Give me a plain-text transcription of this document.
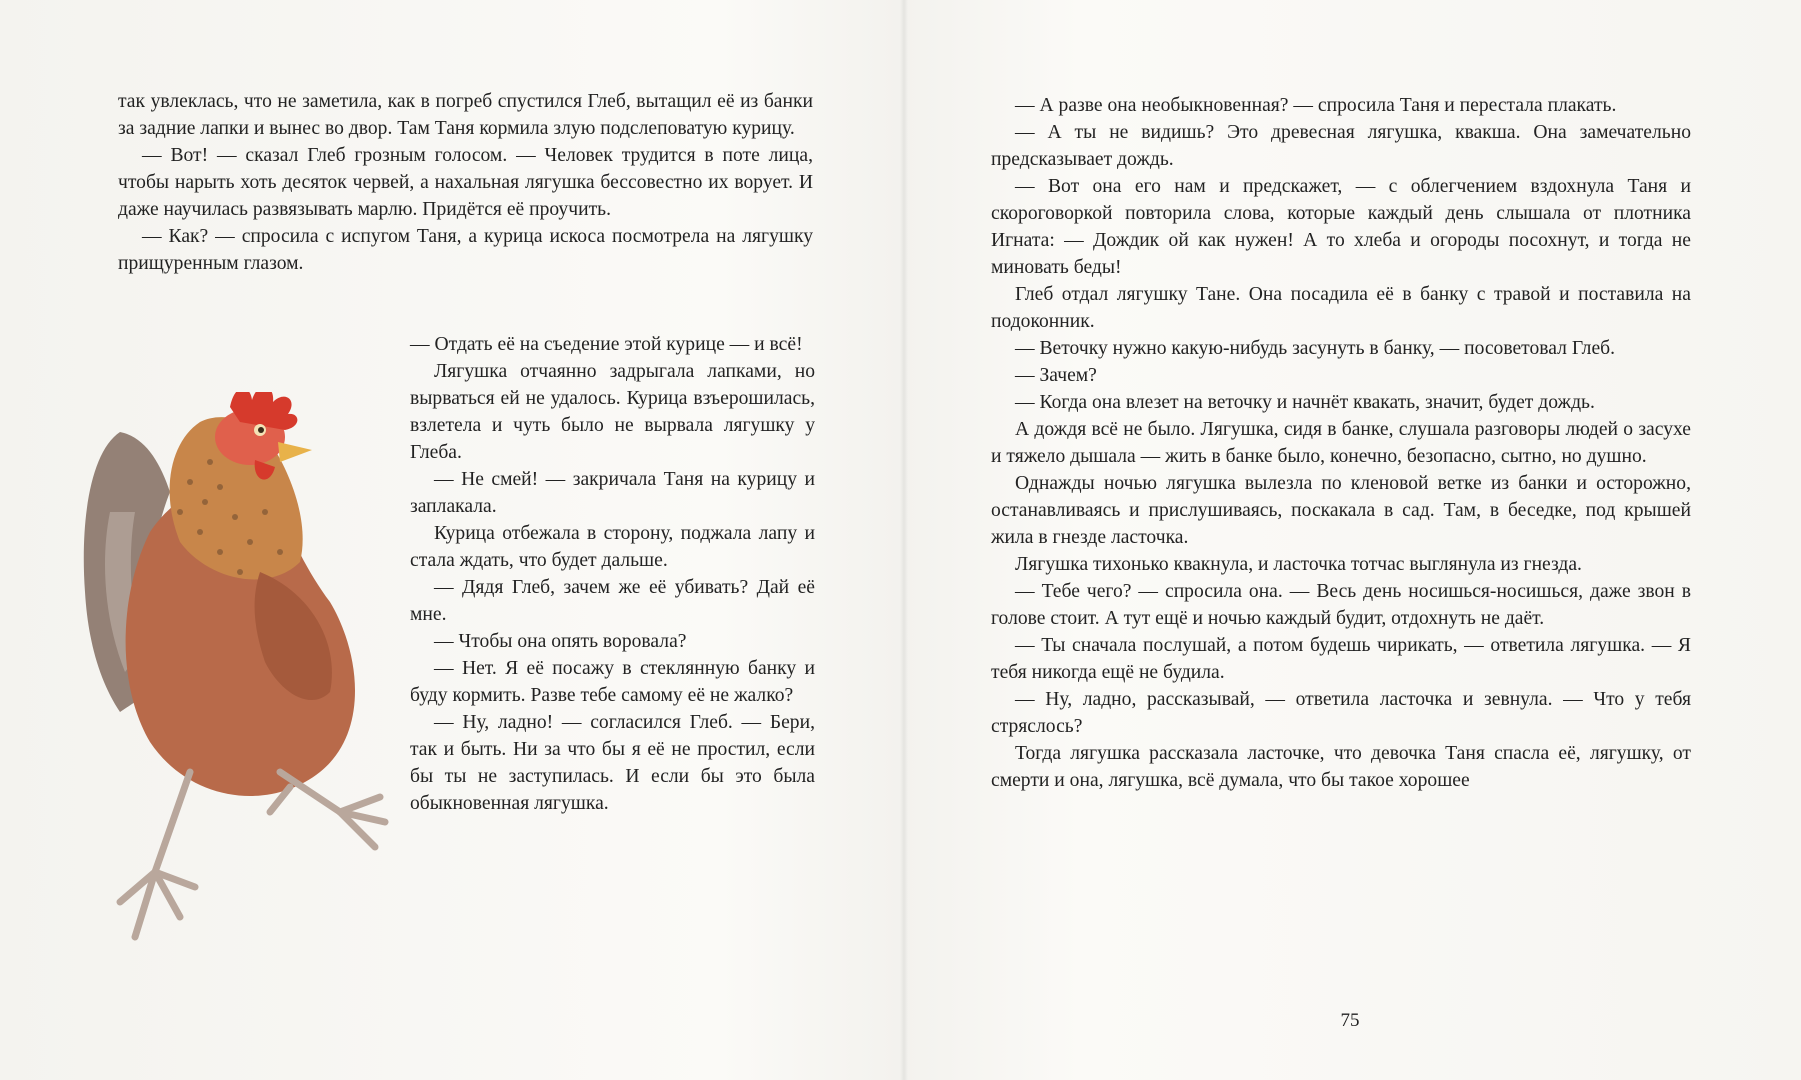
так увлеклась, что не заметила, как в погреб спустился Глеб, вытащил её из банки за задние лапки и вынес во двор. Там Таня кормила злую подслеповатую курицу.

— Вот! — сказал Глеб грозным голосом. — Человек трудится в поте лица, чтобы нарыть хоть десяток червей, а нахальная лягушка бессовестно их ворует. И даже научилась развязывать марлю. Придётся её проучить.

— Как? — спросила с испугом Таня, а курица искоса посмотрела на лягушку прищуренным глазом.

— Отдать её на съедение этой курице — и всё!

Лягушка отчаянно задрыгала лапками, но вырваться ей не удалось. Курица взъерошилась, взлетела и чуть было не вырвала лягушку у Глеба.

— Не смей! — закричала Таня на курицу и заплакала.

Курица отбежала в сторону, поджала лапу и стала ждать, что будет дальше.

— Дядя Глеб, зачем же её убивать? Дай её мне.

— Чтобы она опять воровала?

— Нет. Я её посажу в стеклянную банку и буду кормить. Разве тебе самому её не жалко?

— Ну, ладно! — согласился Глеб. — Бери, так и быть. Ни за что бы я её не простил, если бы ты не заступилась. И если бы это была обыкновенная лягушка.

— А разве она необыкновенная? — спросила Таня и перестала плакать.

— А ты не видишь? Это древесная лягушка, квакша. Она замечательно предсказывает дождь.

— Вот она его нам и предскажет, — с облегчением вздохнула Таня и скороговоркой повторила слова, которые каждый день слышала от плотника Игната: — Дождик ой как нужен! А то хлеба и огороды посохнут, и тогда не миновать беды!

Глеб отдал лягушку Тане. Она посадила её в банку с травой и поставила на подоконник.

— Веточку нужно какую-нибудь засунуть в банку, — посоветовал Глеб.

— Зачем?

— Когда она влезет на веточку и начнёт квакать, значит, будет дождь.

А дождя всё не было. Лягушка, сидя в банке, слушала разговоры людей о засухе и тяжело дышала — жить в банке было, конечно, безопасно, сытно, но душно.

Однажды ночью лягушка вылезла по кленовой ветке из банки и осторожно, останавливаясь и прислушиваясь, поскакала в сад. Там, в беседке, под крышей жила в гнезде ласточка.

Лягушка тихонько квакнула, и ласточка тотчас выглянула из гнезда.

— Тебе чего? — спросила она. — Весь день носишься-носишься, даже звон в голове стоит. А тут ещё и ночью каждый будит, отдохнуть не даёт.

— Ты сначала послушай, а потом будешь чирикать, — ответила лягушка. — Я тебя никогда ещё не будила.

— Ну, ладно, рассказывай, — ответила ласточка и зевнула. — Что у тебя стряслось?

Тогда лягушка рассказала ласточке, что девочка Таня спасла её, лягушку, от смерти и она, лягушка, всё думала, что бы такое хорошее

75
